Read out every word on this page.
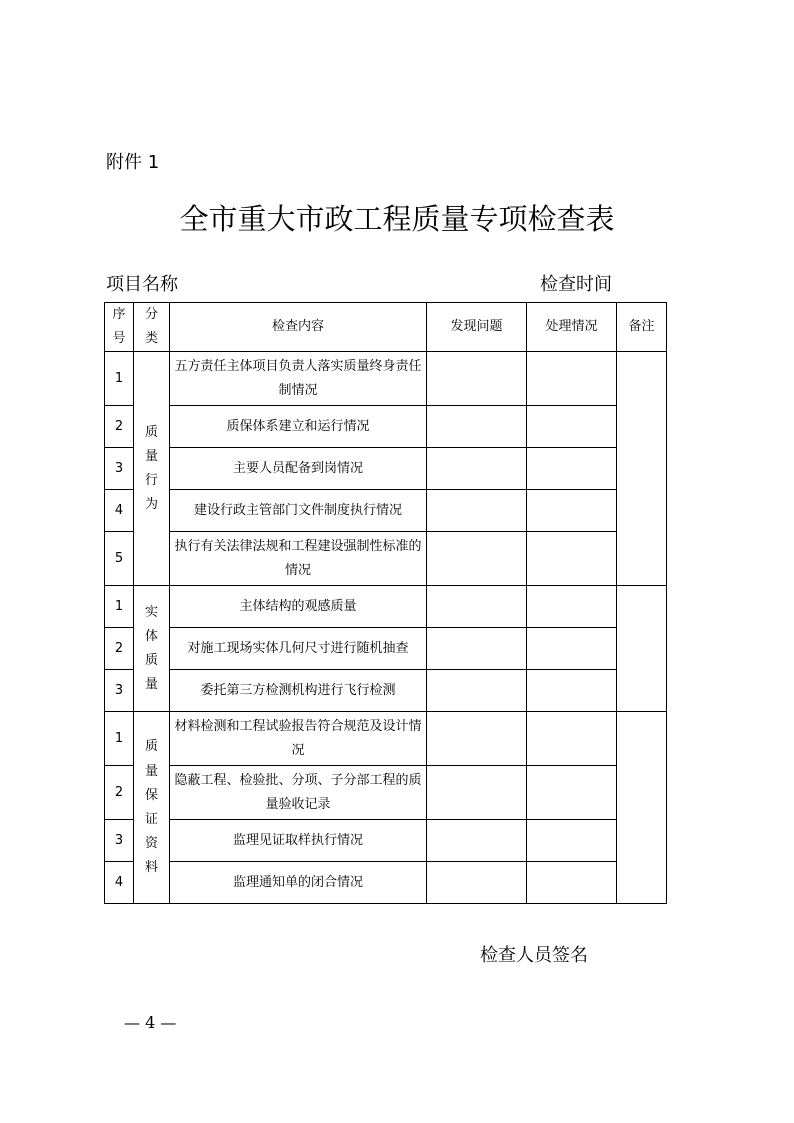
附件 1
全市重大市政工程质量专项检查表
项目名称	检查时间
序号	分类	检查内容	发现问题	处理情况	备注
1	质量行为	五方责任主体项目负责人落实质量终身责任制情况			
2		质保体系建立和运行情况			
3		主要人员配备到岗情况			
4		建设行政主管部门文件制度执行情况			
5		执行有关法律法规和工程建设强制性标准的情况			
1	实体质量	主体结构的观感质量			
2		对施工现场实体几何尺寸进行随机抽查			
3		委托第三方检测机构进行飞行检测			
1	质量保证资料	材料检测和工程试验报告符合规范及设计情况			
2		隐蔽工程、检验批、分项、子分部工程的质量验收记录			
3		监理见证取样执行情况			
4		监理通知单的闭合情况			
检查人员签名
— 4 —
